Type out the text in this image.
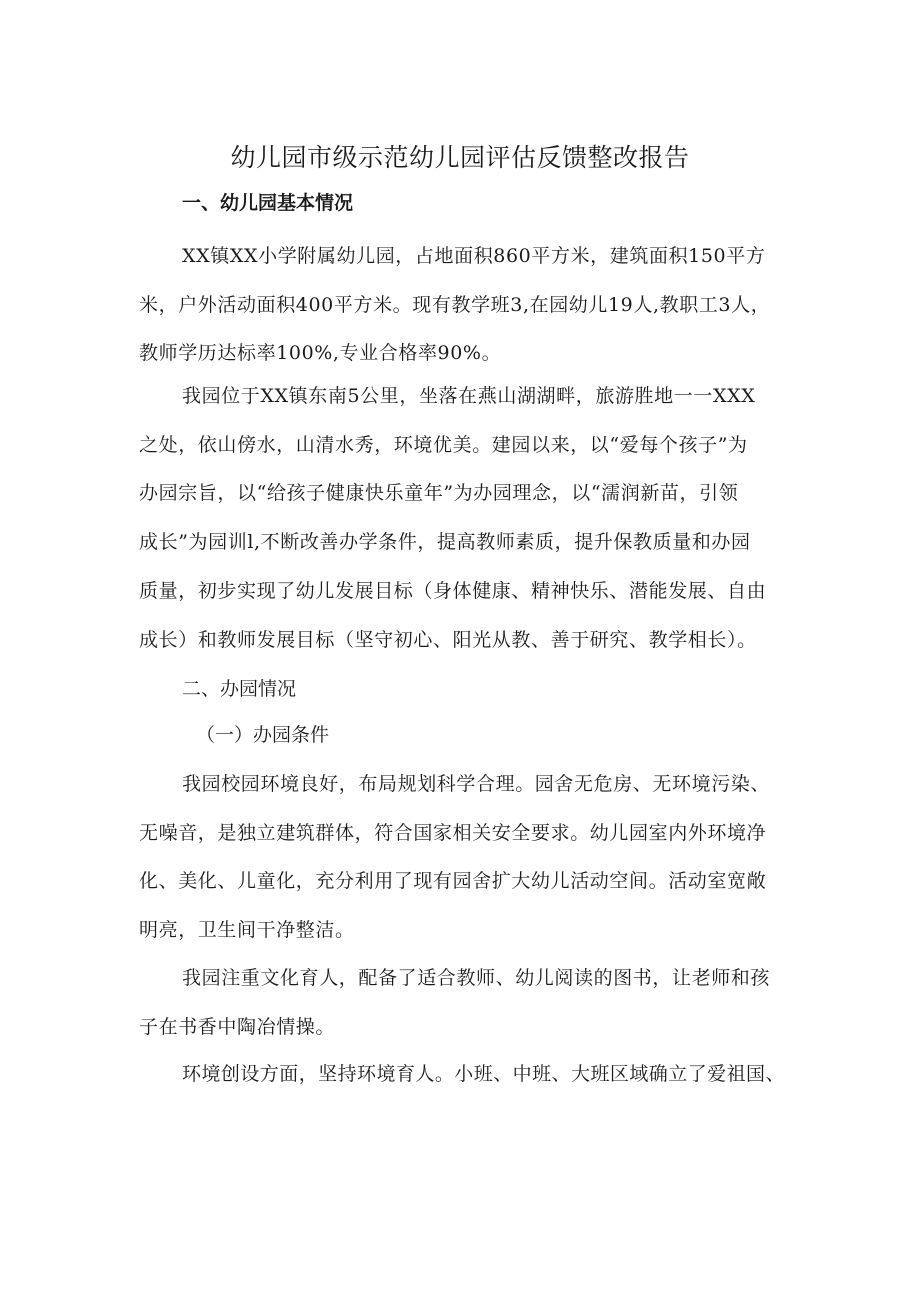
幼儿园市级示范幼儿园评估反馈整改报告
一、幼儿园基本情况
XX镇XX小学附属幼儿园，占地面积860平方米，建筑面积150平方
米，户外活动面积400平方米。现有教学班3,在园幼儿19人,教职工3人，
教师学历达标率100%,专业合格率90%。
我园位于XX镇东南5公里，坐落在燕山湖湖畔，旅游胜地一一XXX
之处，依山傍水，山清水秀，环境优美。建园以来，以“爱每个孩子”为
办园宗旨，以“给孩子健康快乐童年”为办园理念，以“濡润新苗，引领
成长”为园训l,不断改善办学条件，提高教师素质，提升保教质量和办园
质量，初步实现了幼儿发展目标（身体健康、精神快乐、潜能发展、自由
成长）和教师发展目标（坚守初心、阳光从教、善于研究、教学相长）。
二、办园情况
（一）办园条件
我园校园环境良好，布局规划科学合理。园舍无危房、无环境污染、
无噪音，是独立建筑群体，符合国家相关安全要求。幼儿园室内外环境净
化、美化、儿童化，充分利用了现有园舍扩大幼儿活动空间。活动室宽敞
明亮，卫生间干净整洁。
我园注重文化育人，配备了适合教师、幼儿阅读的图书，让老师和孩
子在书香中陶冶情操。
环境创设方面，坚持环境育人。小班、中班、大班区域确立了爱祖国、
